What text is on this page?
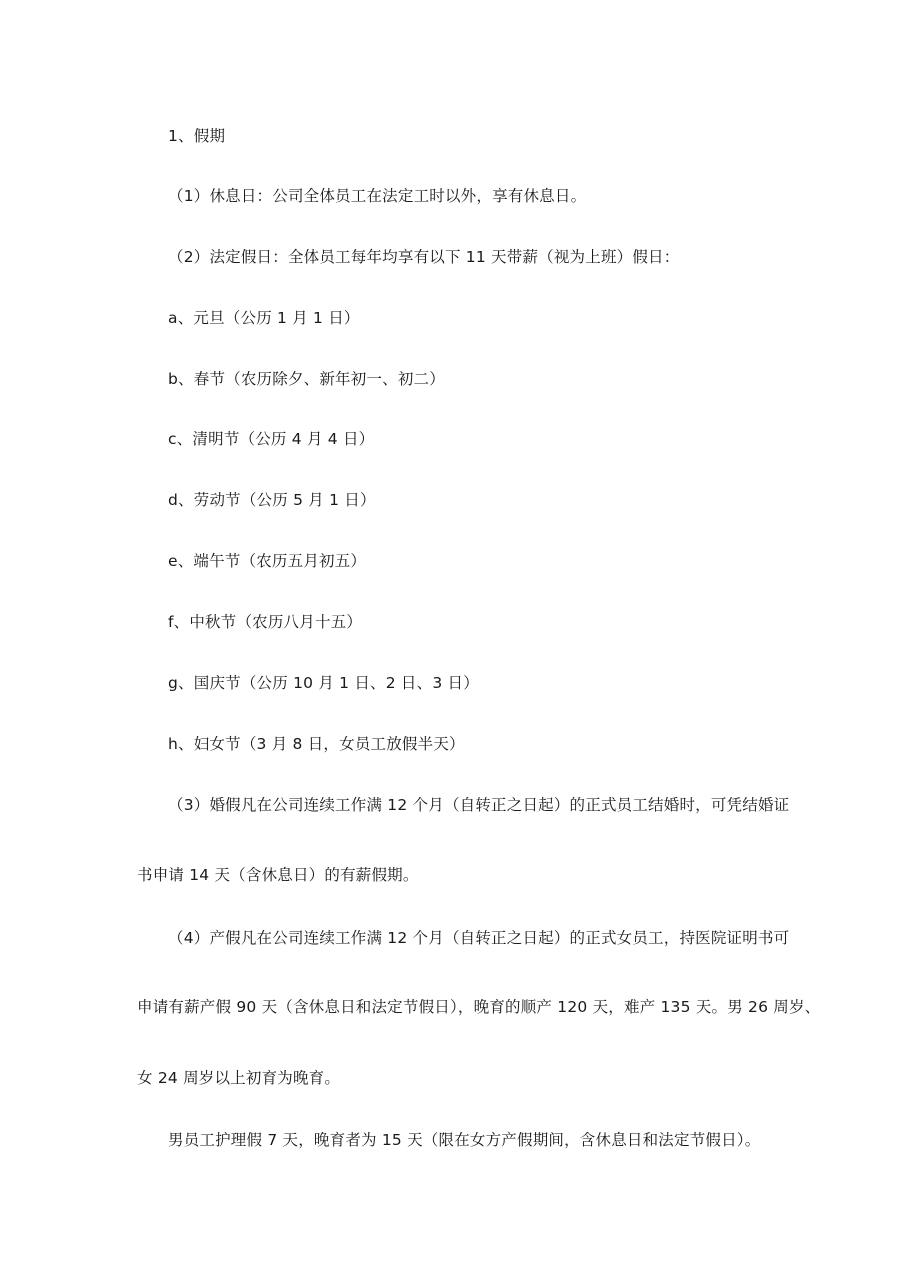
1、假期
（1）休息日：公司全体员工在法定工时以外，享有休息日。
（2）法定假日：全体员工每年均享有以下 11 天带薪（视为上班）假日：
a、元旦（公历 1 月 1 日）
b、春节（农历除夕、新年初一、初二）
c、清明节（公历 4 月 4 日）
d、劳动节（公历 5 月 1 日）
e、端午节（农历五月初五）
f、中秋节（农历八月十五）
g、国庆节（公历 10 月 1 日、2 日、3 日）
h、妇女节（3 月 8 日，女员工放假半天）
（3）婚假凡在公司连续工作满 12 个月（自转正之日起）的正式员工结婚时，可凭结婚证
书申请 14 天（含休息日）的有薪假期。
（4）产假凡在公司连续工作满 12 个月（自转正之日起）的正式女员工，持医院证明书可
申请有薪产假 90 天（含休息日和法定节假日），晚育的顺产 120 天，难产 135 天。男 26 周岁、
女 24 周岁以上初育为晚育。
男员工护理假 7 天，晚育者为 15 天（限在女方产假期间，含休息日和法定节假日）。
